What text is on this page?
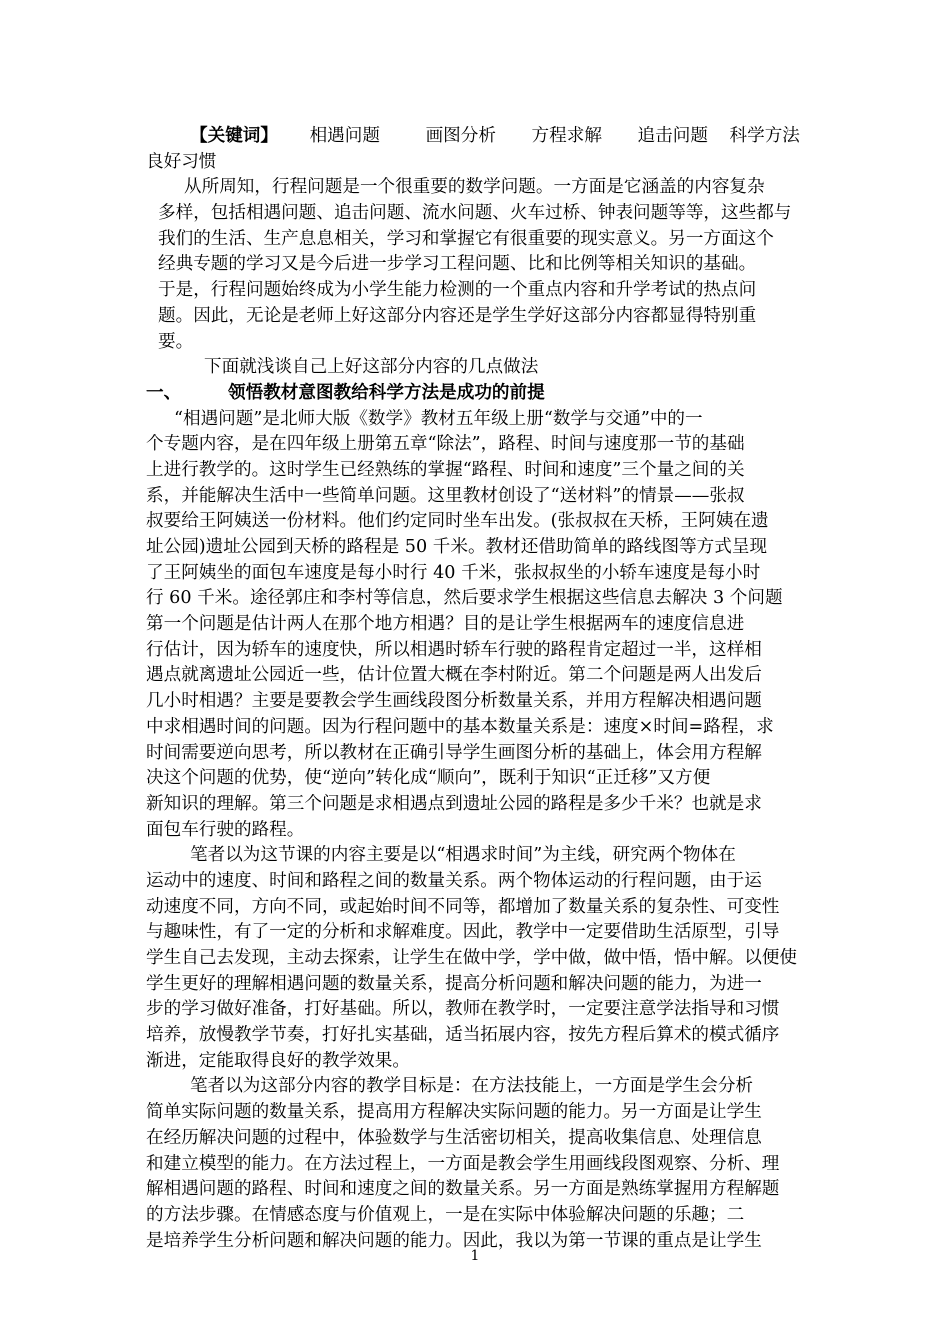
【关键词】 相遇问题	画图分析 方程求解 追击问题 科学方法
良好习惯
从所周知，行程问题是一个很重要的数学问题。一方面是它涵盖的内容复杂
多样，包括相遇问题、追击问题、流水问题、火车过桥、钟表问题等等，这些都与
我们的生活、生产息息相关，学习和掌握它有很重要的现实意义。另一方面这个
经典专题的学习又是今后进一步学习工程问题、比和比例等相关知识的基础。
于是，行程问题始终成为小学生能力检测的一个重点内容和升学考试的热点问
题。因此，无论是老师上好这部分内容还是学生学好这部分内容都显得特别重
要。
下面就浅谈自己上好这部分内容的几点做法
一、	领悟教材意图教给科学方法是成功的前提
“相遇问题”是北师大版《数学》教材五年级上册“数学与交通”中的一
个专题内容，是在四年级上册第五章“除法”，路程、时间与速度那一节的基础
上进行教学的。这时学生已经熟练的掌握“路程、时间和速度”三个量之间的关
系，并能解决生活中一些简单问题。这里教材创设了“送材料”的情景——张叔
叔要给王阿姨送一份材料。他们约定同时坐车出发。(张叔叔在天桥，王阿姨在遗
址公园)遗址公园到天桥的路程是 50 千米。教材还借助简单的路线图等方式呈现
了王阿姨坐的面包车速度是每小时行 40 千米，张叔叔坐的小轿车速度是每小时
行 60 千米。途径郭庄和李村等信息，然后要求学生根据这些信息去解决 3 个问题
第一个问题是估计两人在那个地方相遇？目的是让学生根据两车的速度信息进
行估计，因为轿车的速度快，所以相遇时轿车行驶的路程肯定超过一半，这样相
遇点就离遗址公园近一些，估计位置大概在李村附近。第二个问题是两人出发后
几小时相遇？主要是要教会学生画线段图分析数量关系，并用方程解决相遇问题
中求相遇时间的问题。因为行程问题中的基本数量关系是：速度×时间=路程，求
时间需要逆向思考，所以教材在正确引导学生画图分析的基础上，体会用方程解
决这个问题的优势，使“逆向”转化成“顺向”，既利于知识“正迁移”又方便
新知识的理解。第三个问题是求相遇点到遗址公园的路程是多少千米？也就是求
面包车行驶的路程。
笔者以为这节课的内容主要是以“相遇求时间”为主线，研究两个物体在
运动中的速度、时间和路程之间的数量关系。两个物体运动的行程问题，由于运
动速度不同，方向不同，或起始时间不同等，都增加了数量关系的复杂性、可变性
与趣味性，有了一定的分析和求解难度。因此，教学中一定要借助生活原型，引导
学生自己去发现，主动去探索，让学生在做中学，学中做，做中悟，悟中解。以便使
学生更好的理解相遇问题的数量关系，提高分析问题和解决问题的能力，为进一
步的学习做好准备，打好基础。所以，教师在教学时，一定要注意学法指导和习惯
培养，放慢教学节奏，打好扎实基础，适当拓展内容，按先方程后算术的模式循序
渐进，定能取得良好的教学效果。
笔者以为这部分内容的教学目标是：在方法技能上，一方面是学生会分析
简单实际问题的数量关系，提高用方程解决实际问题的能力。另一方面是让学生
在经历解决问题的过程中，体验数学与生活密切相关，提高收集信息、处理信息
和建立模型的能力。在方法过程上，一方面是教会学生用画线段图观察、分析、理
解相遇问题的路程、时间和速度之间的数量关系。另一方面是熟练掌握用方程解题
的方法步骤。在情感态度与价值观上，一是在实际中体验解决问题的乐趣；二
是培养学生分析问题和解决问题的能力。因此，我以为第一节课的重点是让学生
1
